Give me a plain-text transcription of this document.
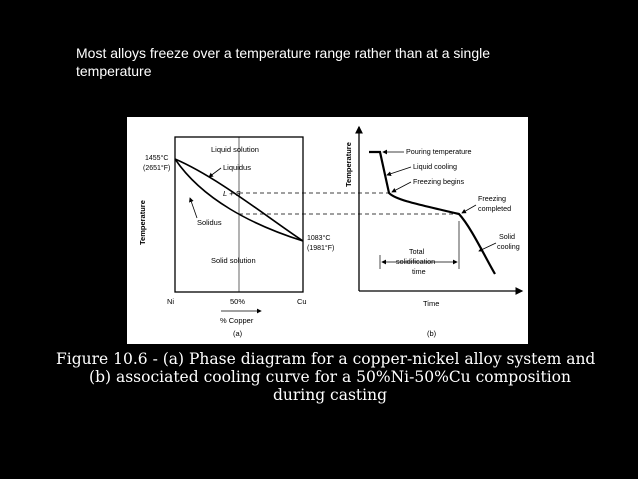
Most alloys freeze over a temperature range rather than at a single
temperature
Liquid solution
Liquidus
L + S
Solidus
Solid solution
1455°C
(2651°F)
1083°C
(1981°F)
Temperature
Ni	50%	Cu
% Copper
(a)
Temperature	Pouring temperature
Liquid cooling
Freezing begins
Freezing
completed
Solid
cooling
Total
solidification
time
Time
(b)
Figure 10.6 - (a) Phase diagram for a copper-nickel alloy system and
(b) associated cooling curve for a 50%Ni-50%Cu composition
during casting
